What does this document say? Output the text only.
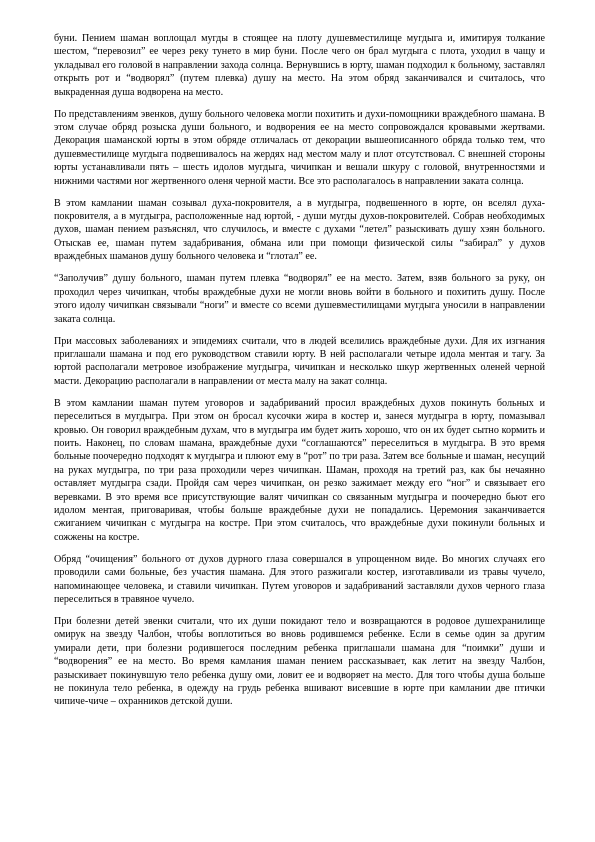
буни. Пением шаман воплощал мугды в стоящее на плоту душевместилище мугдыга и, имитируя толкание шестом, “перевозил” ее через реку тунето в мир буни. После чего он брал мугдыга с плота, уходил в чащу и укладывал его головой в направлении захода солнца. Вернувшись в юрту, шаман подходил к больному, заставлял открыть рот и “водворял” (путем плевка) душу на место. На этом обряд заканчивался и считалось, что выкраденная душа водворена на место.

По представлениям эвенков, душу больного человека могли похитить и духи-помощники враждебного шамана. В этом случае обряд розыска души больного, и водворения ее на место сопровождался кровавыми жертвами. Декорация шаманской юрты в этом обряде отличалась от декорации вышеописанного обряда только тем, что душевместилище мугдыга подвешивалось на жердях над местом малу и плот отсутствовал. С внешней стороны юрты устанавливали пять – шесть идолов мугдыга, чичипкан и вешали шкуру с головой, внутренностями и нижними частями ног жертвенного оленя черной масти. Все это располагалось в направлении заката солнца.

В этом камлании шаман созывал духа-покровителя, а в мугдыгра, подвешенного в юрте, он вселял духа-покровителя, а в мугдыгра, расположенные над юртой, - души мугды духов-покровителей. Собрав необходимых духов, шаман пением разъяснял, что случилось, и вместе с духами “летел” разыскивать душу хэян больного. Отыскав ее, шаман путем задабривания, обмана или при помощи физической силы “забирал” у духов враждебных шаманов душу больного человека и “глотал” ее.

“Заполучив” душу больного, шаман путем плевка “водворял” ее на место. Затем, взяв больного за руку, он проходил через чичипкан, чтобы враждебные духи не могли вновь войти в больного и похитить душу. После этого идолу чичипкан связывали “ноги” и вместе со всеми душевместилищами мугдыга уносили в направлении заката солнца.

При массовых заболеваниях и эпидемиях считали, что в людей вселились враждебные духи. Для их изгнания приглашали шамана и под его руководством ставили юрту. В ней располагали четыре идола ментая и тагу. За юртой располагали метровое изображение мугдыгра, чичипкан и несколько шкур жертвенных оленей черной масти. Декорацию располагали в направлении от места малу на закат солнца.

В этом камлании шаман путем уговоров и задабриваний просил враждебных духов покинуть больных и переселиться в мугдыгра. При этом он бросал кусочки жира в костер и, занеся мугдыгра в юрту, помазывал кровью. Он говорил враждебным духам, что в мугдыгра им будет жить хорошо, что он их будет сытно кормить и поить. Наконец, по словам шамана, враждебные духи “соглашаются” переселиться в мугдыгра. В это время больные поочередно подходят к мугдыгра и плюют ему в “рот” по три раза. Затем все больные и шаман, несущий на руках мугдыгра, по три раза проходили через чичипкан. Шаман, проходя на третий раз, как бы нечаянно оставляет мугдыгра сзади. Пройдя сам через чичипкан, он резко зажимает между его “ног” и связывает его веревками. В это время все присутствующие валят чичипкан со связанным мугдыгра и поочередно бьют его идолом ментая, приговаривая, чтобы больше враждебные духи не попадались. Церемония заканчивается сжиганием чичипкан с мугдыгра на костре. При этом считалось, что враждебные духи покинули больных и сожжены на костре.

Обряд “очищения” больного от духов дурного глаза совершался в упрощенном виде. Во многих случаях его проводили сами больные, без участия шамана. Для этого разжигали костер, изготавливали из травы чучело, напоминающее человека, и ставили чичипкан. Путем уговоров и задабриваний заставляли духов черного глаза переселиться в травяное чучело.

При болезни детей эвенки считали, что их души покидают тело и возвращаются в родовое душехранилище омирук на звезду Чалбон, чтобы воплотиться во вновь родившемся ребенке. Если в семье один за другим умирали дети, при болезни родившегося последним ребенка приглашали шамана для “поимки” души и “водворения” ее на место. Во время камлания шаман пением рассказывает, как летит на звезду Чалбон, разыскивает покинувшую тело ребенка душу оми, ловит ее и водворяет на место. Для того чтобы душа больше не покинула тело ребенка, в одежду на грудь ребенка вшивают висевшие в юрте при камлании две птички чипиче-чиче – охранников детской души.
